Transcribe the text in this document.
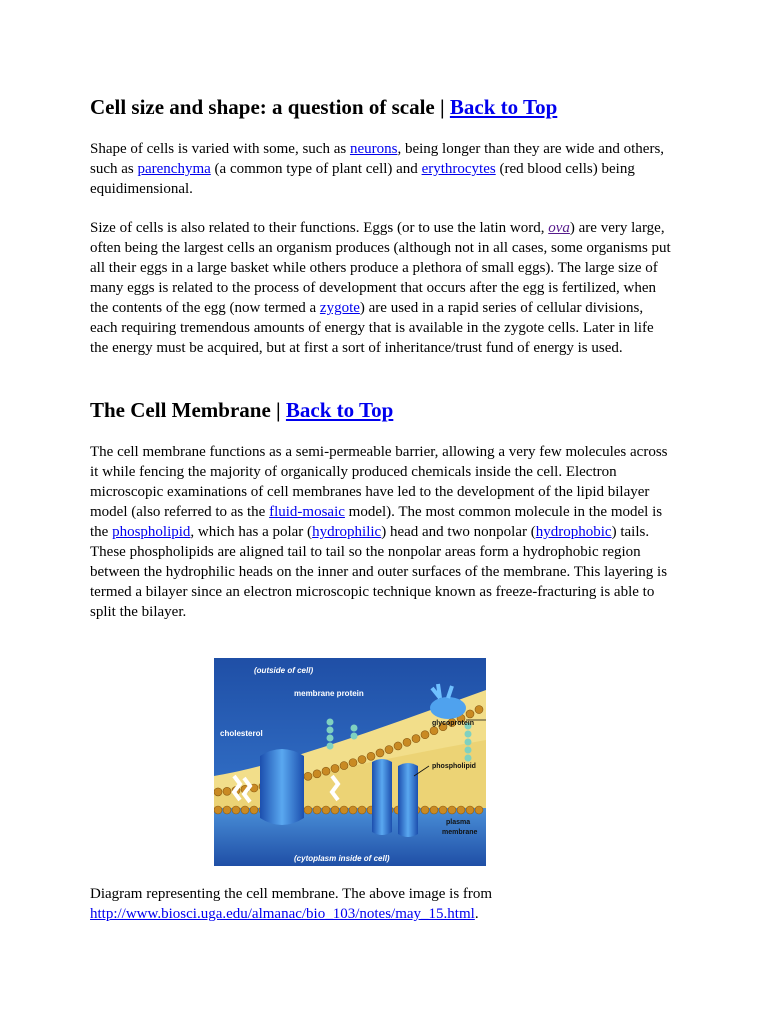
Cell size and shape: a question of scale | Back to Top

Shape of cells is varied with some, such as neurons, being longer than they are wide and others, such as parenchyma (a common type of plant cell) and erythrocytes (red blood cells) being equidimensional.

Size of cells is also related to their functions. Eggs (or to use the latin word, ova) are very large, often being the largest cells an organism produces (although not in all cases, some organisms put all their eggs in a large basket while others produce a plethora of small eggs). The large size of many eggs is related to the process of development that occurs after the egg is fertilized, when the contents of the egg (now termed a zygote) are used in a rapid series of cellular divisions, each requiring tremendous amounts of energy that is available in the zygote cells. Later in life the energy must be acquired, but at first a sort of inheritance/trust fund of energy is used.

The Cell Membrane | Back to Top

The cell membrane functions as a semi-permeable barrier, allowing a very few molecules across it while fencing the majority of organically produced chemicals inside the cell. Electron microscopic examinations of cell membranes have led to the development of the lipid bilayer model (also referred to as the fluid-mosaic model). The most common molecule in the model is the phospholipid, which has a polar (hydrophilic) head and two nonpolar (hydrophobic) tails. These phospholipids are aligned tail to tail so the nonpolar areas form a hydrophobic region between the hydrophilic heads on the inner and outer surfaces of the membrane. This layering is termed a bilayer since an electron microscopic technique known as freeze-fracturing is able to split the bilayer.

(outside of cell)
membrane protein
cholesterol
glycoprotein
phospholipid
plasma
membrane
(cytoplasm inside of cell)

Diagram representing the cell membrane. The above image is from http://www.biosci.uga.edu/almanac/bio_103/notes/may_15.html.
